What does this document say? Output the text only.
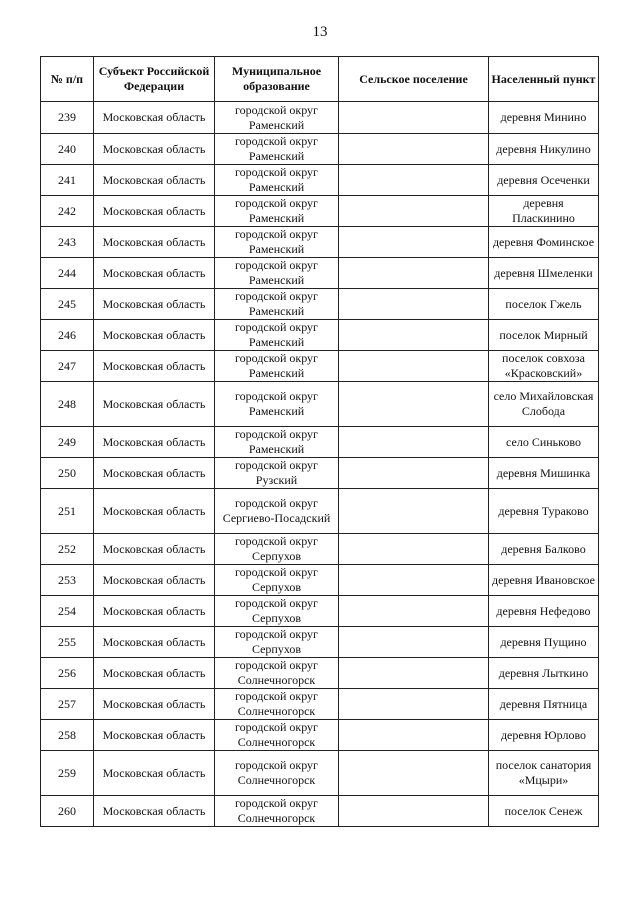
13
№ п/п	Субъект Российской Федерации	Муниципальное образование	Сельское поселение	Населенный пункт
239	Московская область	городской округ Раменский		деревня Минино
240	Московская область	городской округ Раменский		деревня Никулино
241	Московская область	городской округ Раменский		деревня Осеченки
242	Московская область	городской округ Раменский		деревня Пласкинино
243	Московская область	городской округ Раменский		деревня Фоминское
244	Московская область	городской округ Раменский		деревня Шмеленки
245	Московская область	городской округ Раменский		поселок Гжель
246	Московская область	городской округ Раменский		поселок Мирный
247	Московская область	городской округ Раменский		поселок совхоза «Красковский»
248	Московская область	городской округ Раменский		село Михайловская Слобода
249	Московская область	городской округ Раменский		село Синьково
250	Московская область	городской округ Рузский		деревня Мишинка
251	Московская область	городской округ Сергиево-Посадский		деревня Тураково
252	Московская область	городской округ Серпухов		деревня Балково
253	Московская область	городской округ Серпухов		деревня Ивановское
254	Московская область	городской округ Серпухов		деревня Нефедово
255	Московская область	городской округ Серпухов		деревня Пущино
256	Московская область	городской округ Солнечногорск		деревня Лыткино
257	Московская область	городской округ Солнечногорск		деревня Пятница
258	Московская область	городской округ Солнечногорск		деревня Юрлово
259	Московская область	городской округ Солнечногорск		поселок санатория «Мцыри»
260	Московская область	городской округ Солнечногорск		поселок Сенеж
